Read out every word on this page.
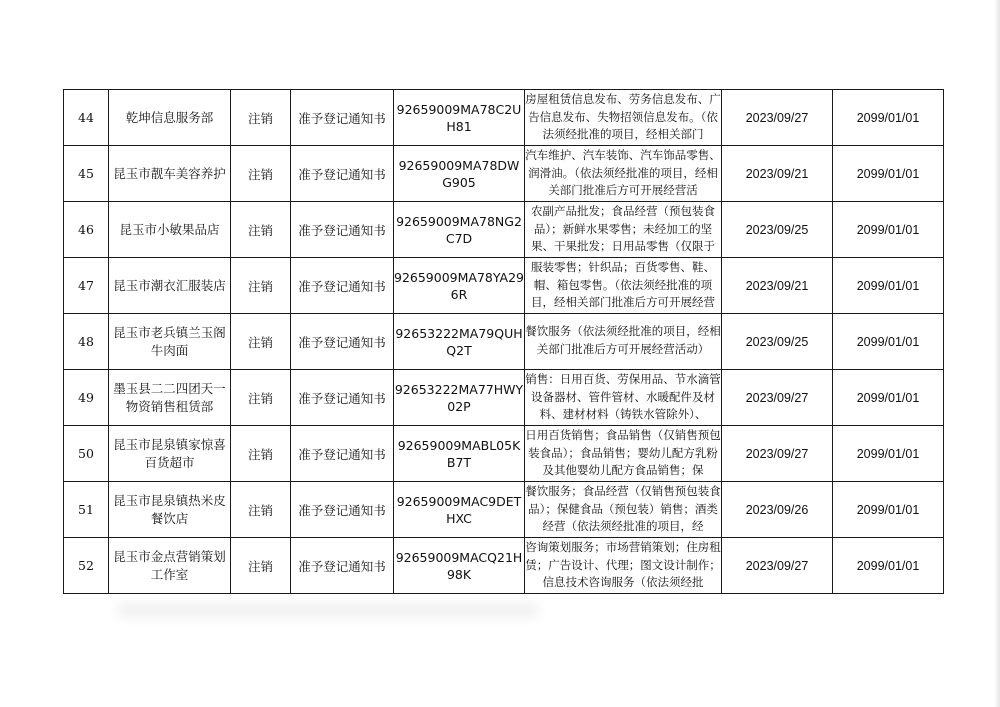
44	乾坤信息服务部	注销	准予登记通知书	92659009MA78C2UH81	房屋租赁信息发布、劳务信息发布、广告信息发布、失物招领信息发布。（依法须经批准的项目，经相关部门	2023/09/27	2099/01/01
45	昆玉市靓车美容养护	注销	准予登记通知书	92659009MA78DWG905	汽车维护、汽车装饰、汽车饰品零售、润滑油。（依法须经批准的项目，经相关部门批准后方可开展经营活	2023/09/21	2099/01/01
46	昆玉市小敏果品店	注销	准予登记通知书	92659009MA78NG2C7D	农副产品批发；食品经营（预包装食品）；新鲜水果零售；未经加工的坚果、干果批发；日用品零售（仅限于	2023/09/25	2099/01/01
47	昆玉市潮衣汇服装店	注销	准予登记通知书	92659009MA78YA296R	服装零售；针织品；百货零售、鞋、帽、箱包零售。（依法须经批准的项目，经相关部门批准后方可开展经营	2023/09/21	2099/01/01
48	昆玉市老兵镇兰玉阁牛肉面	注销	准予登记通知书	92653222MA79QUHQ2T	餐饮服务（依法须经批准的项目，经相关部门批准后方可开展经营活动）	2023/09/25	2099/01/01
49	墨玉县二二四团天一物资销售租赁部	注销	准予登记通知书	92653222MA77HWY02P	销售：日用百货、劳保用品、节水滴管设备器材、管件管材、水暖配件及材料、建材材料（铸铁水管除外）、	2023/09/27	2099/01/01
50	昆玉市昆泉镇家惊喜百货超市	注销	准予登记通知书	92659009MABL05KB7T	日用百货销售；食品销售（仅销售预包装食品）；食品销售；婴幼儿配方乳粉及其他婴幼儿配方食品销售；保	2023/09/27	2099/01/01
51	昆玉市昆泉镇热米皮餐饮店	注销	准予登记通知书	92659009MAC9DETHXC	餐饮服务；食品经营（仅销售预包装食品）；保健食品（预包装）销售；酒类经营（依法须经批准的项目，经	2023/09/26	2099/01/01
52	昆玉市金点营销策划工作室	注销	准予登记通知书	92659009MACQ21H98K	咨询策划服务；市场营销策划；住房租赁；广告设计、代理；图文设计制作；信息技术咨询服务（依法须经批	2023/09/27	2099/01/01
